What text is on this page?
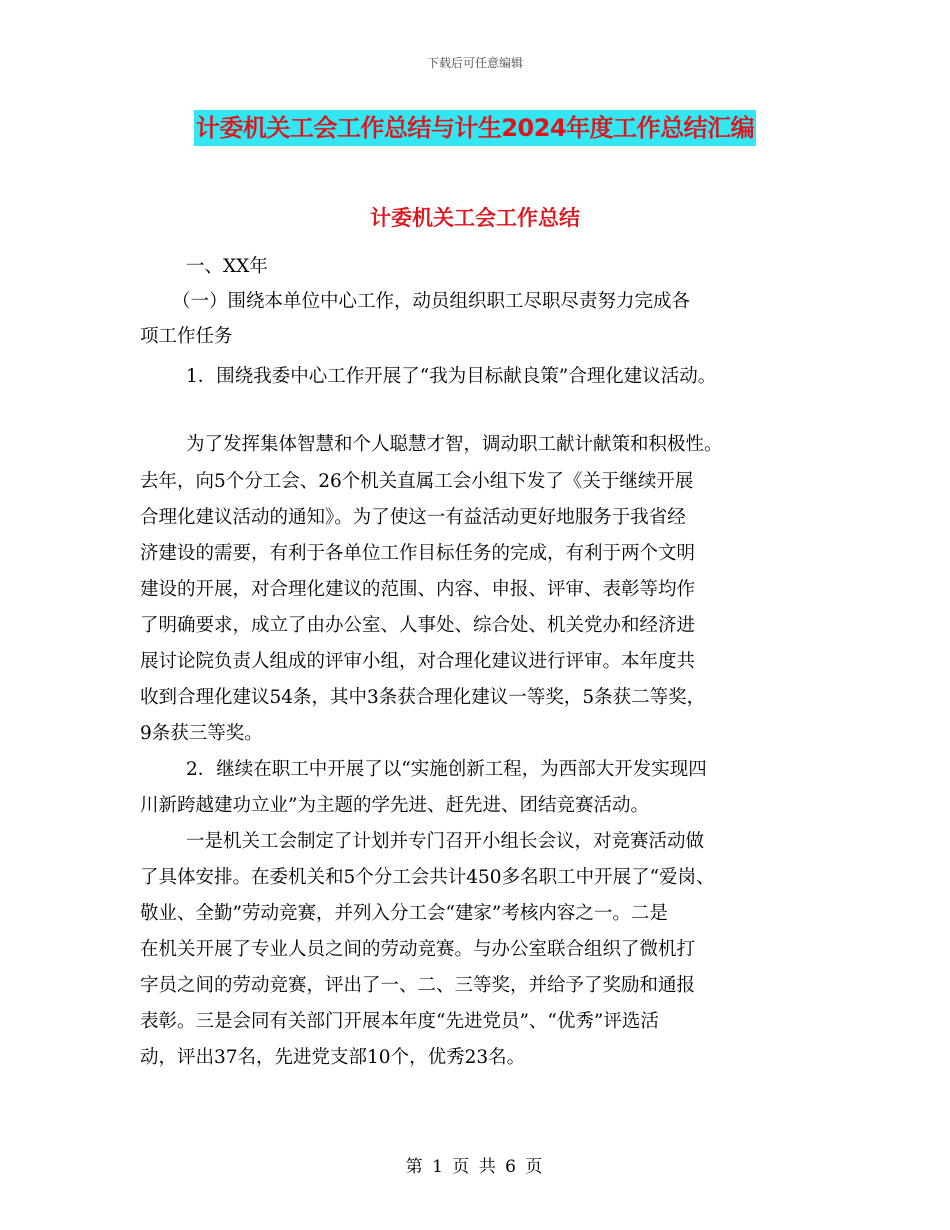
下载后可任意编辑
计委机关工会工作总结与计生2024年度工作总结汇编
计委机关工会工作总结

一、XX年

（一）围绕本单位中心工作，动员组织职工尽职尽责努力完成各

项工作任务

1．围绕我委中心工作开展了“我为目标献良策”合理化建议活动。

为了发挥集体智慧和个人聪慧才智，调动职工献计献策和积极性。

去年，向5个分工会、26个机关直属工会小组下发了《关于继续开展

合理化建议活动的通知》。为了使这一有益活动更好地服务于我省经

济建设的需要，有利于各单位工作目标任务的完成，有利于两个文明

建设的开展，对合理化建议的范围、内容、申报、评审、表彰等均作

了明确要求，成立了由办公室、人事处、综合处、机关党办和经济进

展讨论院负责人组成的评审小组，对合理化建议进行评审。本年度共

收到合理化建议54条，其中3条获合理化建议一等奖，5条获二等奖，

9条获三等奖。

2．继续在职工中开展了以“实施创新工程，为西部大开发实现四

川新跨越建功立业”为主题的学先进、赶先进、团结竞赛活动。

一是机关工会制定了计划并专门召开小组长会议，对竞赛活动做

了具体安排。在委机关和5个分工会共计450多名职工中开展了“爱岗、

敬业、全勤”劳动竞赛，并列入分工会“建家”考核内容之一。二是

在机关开展了专业人员之间的劳动竞赛。与办公室联合组织了微机打

字员之间的劳动竞赛，评出了一、二、三等奖，并给予了奖励和通报

表彰。三是会同有关部门开展本年度“先进党员”、“优秀”评选活

动，评出37名，先进党支部10个，优秀23名。

第 1 页 共 6 页
